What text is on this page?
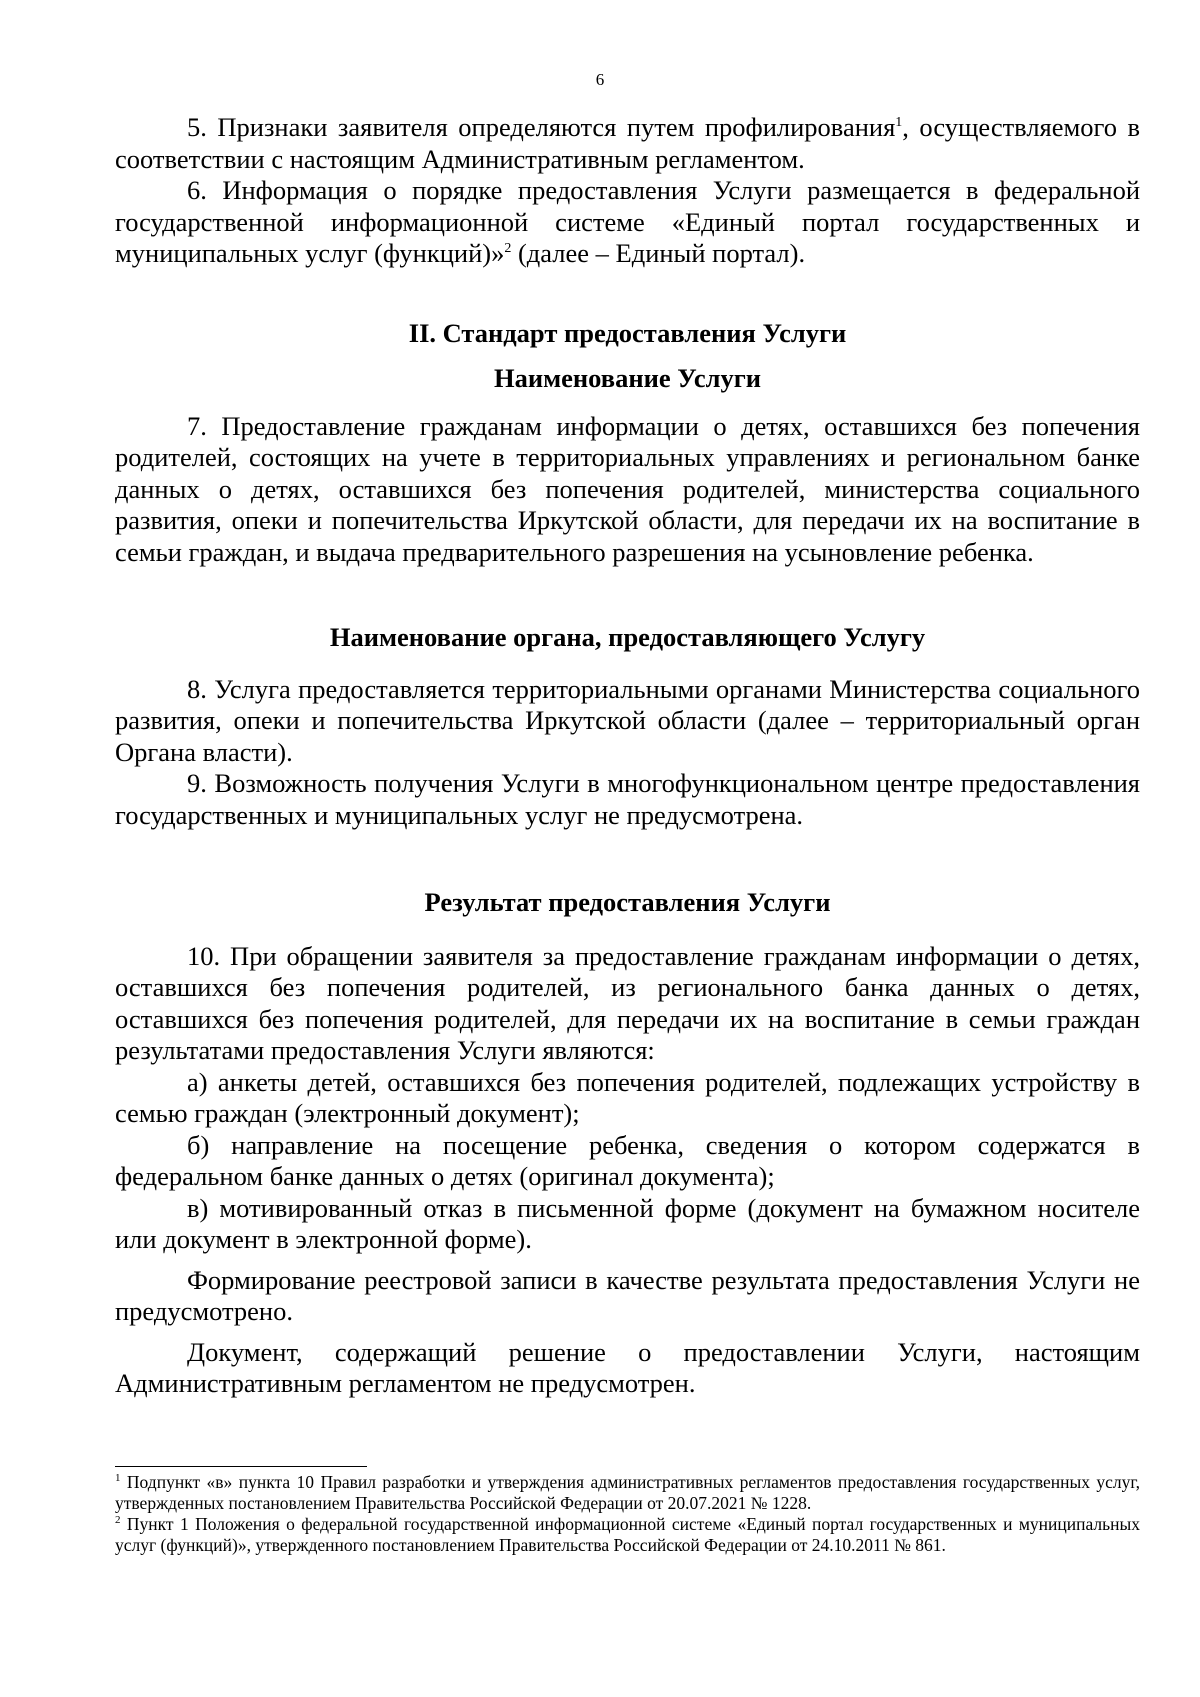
6

5. Признаки заявителя определяются путем профилирования$^1$, осуществляемого в соответствии с настоящим Административным регламентом.

6. Информация о порядке предоставления Услуги размещается в федеральной государственной информационной системе «Единый портал государственных и муниципальных услуг (функций)»$^2$ (далее – Единый портал).

II. Стандарт предоставления Услуги

Наименование Услуги

7. Предоставление гражданам информации о детях, оставшихся без попечения родителей, состоящих на учете в территориальных управлениях и региональном банке данных о детях, оставшихся без попечения родителей, министерства социального развития, опеки и попечительства Иркутской области, для передачи их на воспитание в семьи граждан, и выдача предварительного разрешения на усыновление ребенка.

Наименование органа, предоставляющего Услугу

8. Услуга предоставляется территориальными органами Министерства социального развития, опеки и попечительства Иркутской области (далее – территориальный орган Органа власти).

9. Возможность получения Услуги в многофункциональном центре предоставления государственных и муниципальных услуг не предусмотрена.

Результат предоставления Услуги

10. При обращении заявителя за предоставление гражданам информации о детях, оставшихся без попечения родителей, из регионального банка данных о детях, оставшихся без попечения родителей, для передачи их на воспитание в семьи граждан результатами предоставления Услуги являются:

а) анкеты детей, оставшихся без попечения родителей, подлежащих устройству в семью граждан (электронный документ);

б) направление на посещение ребенка, сведения о котором содержатся в федеральном банке данных о детях (оригинал документа);

в) мотивированный отказ в письменной форме (документ на бумажном носителе или документ в электронной форме).

Формирование реестровой записи в качестве результата предоставления Услуги не предусмотрено.

Документ, содержащий решение о предоставлении Услуги, настоящим Административным регламентом не предусмотрен.

$^1$ Подпункт «в» пункта 10 Правил разработки и утверждения административных регламентов предоставления государственных услуг, утвержденных постановлением Правительства Российской Федерации от 20.07.2021 № 1228.

$^2$ Пункт 1 Положения о федеральной государственной информационной системе «Единый портал государственных и муниципальных услуг (функций)», утвержденного постановлением Правительства Российской Федерации от 24.10.2011 № 861.
